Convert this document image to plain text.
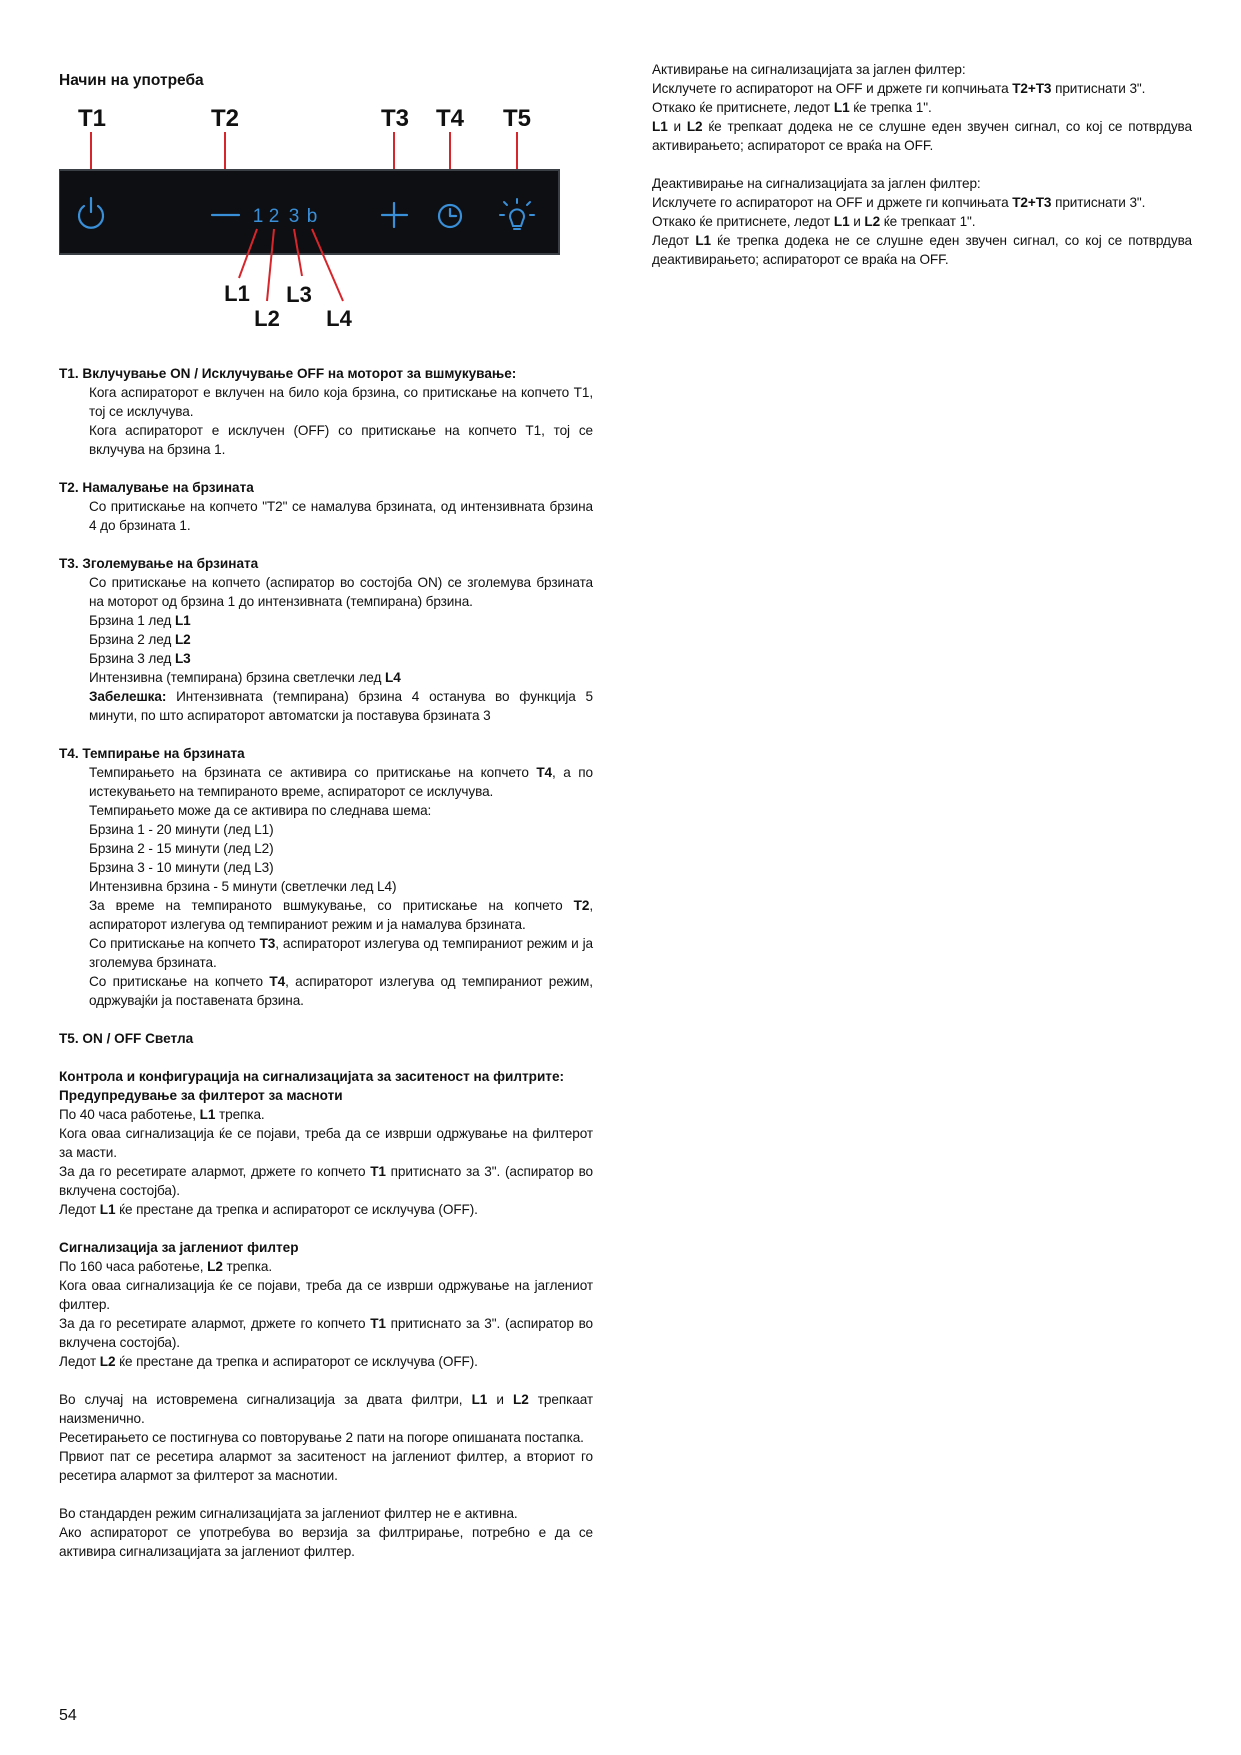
Начин на употреба

T1	T2	T3 T4 T5
1 2 3 b
L1
L2
L3
L4

T1. Вклучување ON / Исклучување OFF на моторот за вшмукување:

Кога аспираторот е вклучен на било која брзина, со притискање на копчето Т1, тој се исклучува.

Кога аспираторот е исклучен (OFF) со притискање на копчето Т1, тој се вклучува на брзина 1.

T2. Намалување на брзината

Со притискање на копчето "Т2" се намалува брзината, од интензивната брзина 4 до брзината 1.

T3. Зголемување на брзината

Со притискање на копчето (аспиратор во состојба ON) се зголемува брзината на моторот од брзина 1 до интензивната (темпирана) брзина.

Брзина 1 лед L1

Брзина 2 лед L2

Брзина 3 лед L3

Интензивна (темпирана) брзина светлечки лед L4

Забелешка: Интензивната (темпирана) брзина 4 останува во функција 5 минути, по што аспираторот автоматски ја поставува брзината 3

T4. Темпирање на брзината

Темпирањето на брзината се активира со притискање на копчето T4, а по истекувањето на темпираното време, аспираторот се исклучува.

Темпирањето може да се активира по следнава шема:

Брзина 1 - 20 минути (лед L1)

Брзина 2 - 15 минути (лед L2)

Брзина 3 - 10 минути (лед L3)

Интензивна брзина - 5 минути (светлечки лед L4)

За време на темпираното вшмукување, со притискање на копчето T2, аспираторот излегува од темпираниот режим и ја намалува брзината.

Со притискање на копчето T3, аспираторот излегува од темпираниот режим и ја зголемува брзината.

Со притискање на копчето T4, аспираторот излегува од темпираниот режим, одржувајќи ја поставената брзина.

T5. ON / OFF Светла

Контрола и конфигурација на сигнализацијата за заситеност на филтрите:

Предупредување за филтерот за масноти

По 40 часа работење, L1 трепка.

Кога оваа сигнализација ќе се појави, треба да се изврши одржување на филтерот за масти.

За да го ресетирате алармот, држете го копчето T1 притиснато за 3". (аспиратор во вклучена состојба).

Ледот L1 ќе престане да трепка и аспираторот се исклучува (OFF).

Сигнализација за јаглениот филтер

По 160 часа работење, L2 трепка.

Кога оваа сигнализација ќе се појави, треба да се изврши одржување на јаглениот филтер.

За да го ресетирате алармот, држете го копчето T1 притиснато за 3". (аспиратор во вклучена состојба).

Ледот L2 ќе престане да трепка и аспираторот се исклучува (OFF).

Во случај на истовремена сигнализација за двата филтри, L1 и L2 трепкаат наизменично.

Ресетирањето се постигнува со повторување 2 пати на погоре опишаната постапка.

Првиот пат се ресетира алармот за заситеност на јаглениот филтер, а вториот го ресетира алармот за филтерот за маснотии.

Во стандарден режим сигнализацијата за јаглениот филтер не е активна.

Ако аспираторот се употребува во верзија за филтрирање, потребно е да се активира сигнализацијата за јаглениот филтер.

Активирање на сигнализацијата за јаглен филтер:

Исклучете го аспираторот на OFF и држете ги копчињата T2+T3 притиснати 3".

Откако ќе притиснете, ледот L1 ќе трепка 1".

L1 и L2 ќе трепкаат додека не се слушне еден звучен сигнал, со кој се потврдува активирањето; аспираторот се враќа на OFF.

Деактивирање на сигнализацијата за јаглен филтер:

Исклучете го аспираторот на OFF и држете ги копчињата T2+T3 притиснати 3".

Откако ќе притиснете, ледот L1 и L2 ќе трепкаат 1".

Ледот L1 ќе трепка додека не се слушне еден звучен сигнал, со кој се потврдува деактивирањето; аспираторот се враќа на OFF.

54
